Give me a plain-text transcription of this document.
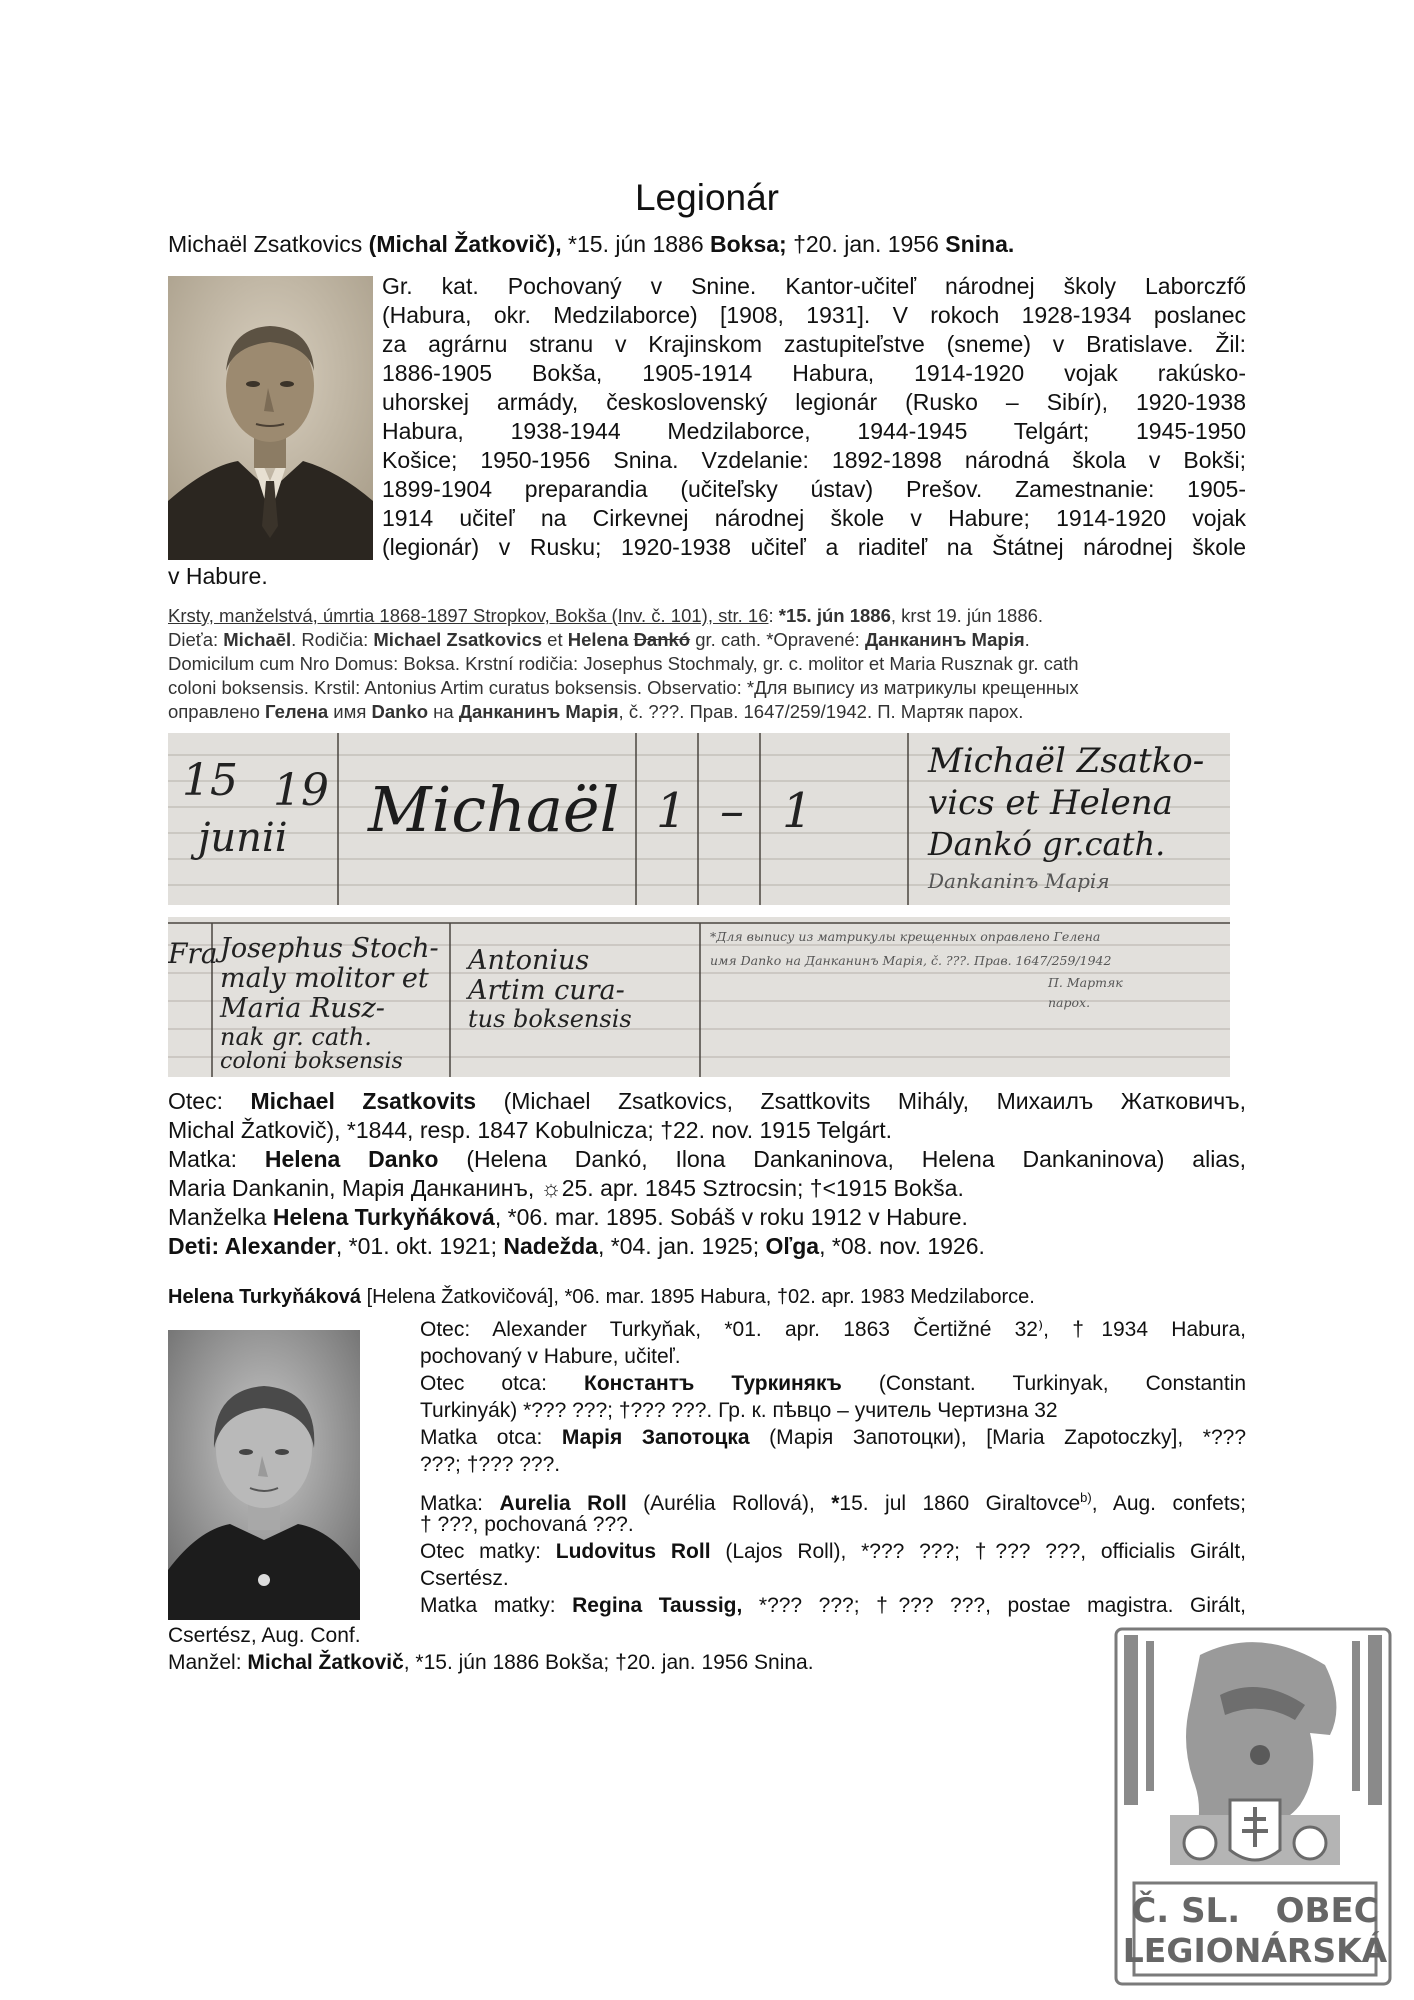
Legionár
Michaël Zsatkovics (Michal Žatkovič), *15. jún 1886 Boksa; †20. jan. 1956 Snina.
Gr. kat. Pochovaný v Snine. Kantor-učiteľ národnej školy Laborczfő
(Habura, okr. Medzilaborce) [1908, 1931]. V rokoch 1928-1934 poslanec
za agrárnu stranu v Krajinskom zastupiteľstve (sneme) v Bratislave. Žil:
1886-1905 Bokša, 1905-1914 Habura, 1914-1920 vojak rakúsko-
uhorskej armády, československý legionár (Rusko – Sibír), 1920-1938
Habura, 1938-1944 Medzilaborce, 1944-1945 Telgárt; 1945-1950
Košice; 1950-1956 Snina. Vzdelanie: 1892-1898 národná škola v Bokši;
1899-1904 preparandia (učiteľsky ústav) Prešov. Zamestnanie: 1905-
1914 učiteľ na Cirkevnej národnej škole v Habure; 1914-1920 vojak
(legionár) v Rusku; 1920-1938 učiteľ a riaditeľ na Štátnej národnej škole
v Habure.
Krsty, manželstvá, úmrtia 1868-1897 Stropkov, Bokša (Inv. č. 101), str. 16: *15. jún 1886, krst 19. jún 1886.
Dieťa: Michaēl. Rodičia: Michael Zsatkovics et Helena Dankó gr. cath. *Opravené: Данканинъ Марія.
Domicilum cum Nro Domus: Boksa. Krstní rodičia: Josephus Stochmaly, gr. c. molitor et Maria Rusznak gr. cath
coloni boksensis. Krstil: Antonius Artim curatus boksensis. Observatio: *Для выпису из матрикулы крещенных
оправлено Гелена имя Danko на Данканинъ Марія, č. ???. Прав. 1647/259/1942. П. Мартяк парох.
15
junii
19 Michaël 1 – 1
Michaël Zsatko-
vics et Helena
Dankó gr.cath.
Dankaninъ Марія
Fra Josephus Stoch-
maly molitor et
Maria Rusz-
nak gr. cath.
coloni boksensis
Antonius
Artim cura-
tus boksensis
*Для выпису из матрикулы крещенных оправлено Гелена
имя Danko на Данканинъ Марія, č. ???. Прав. 1647/259/1942
П. Мартяк
парох.
Otec: Michael Zsatkovits (Michael Zsatkovics, Zsattkovits Mihály, Михаилъ Жатковичъ,
Michal Žatkovič), *1844, resp. 1847 Kobulnicza; †22. nov. 1915 Telgárt.
Matka: Helena Danko (Helena Dankó, Ilona Dankaninova, Helena Dankaninova) alias,
Maria Dankanin, Марія Данканинъ, ☼25. apr. 1845 Sztrocsin; †<1915 Bokša.
Manželka Helena Turkyňáková, *06. mar. 1895. Sobáš v roku 1912 v Habure.
Deti: Alexander, *01. okt. 1921; Nadežda, *04. jan. 1925; Oľga, *08. nov. 1926.
Helena Turkyňáková [Helena Žatkovičová], *06. mar. 1895 Habura, †02. apr. 1983 Medzilaborce.
Otec: Alexander Turkyňak, *01. apr. 1863 Čertižné 32⁾, †1934 Habura,
pochovaný v Habure, učiteľ.
Otec otca: Константъ Туркинякъ (Constant. Turkinyak, Constantin
Turkinyák) *??? ???; †??? ???. Гр. к. пѣвцо – учитель Чертизна 32
Matka otca: Марія Запотоцка (Марія Запотоцки), [Maria Zapotoczky], *???
???; †??? ???.
Matka: Aurelia Roll (Aurélia Rollová), *15. jul 1860 Giraltovce$^{b)}$, Aug. confets;
† ???, pochovaná ???.
Otec matky: Ludovitus Roll (Lajos Roll), *??? ???; †??? ???, officialis Girált,
Csertész.
Matka matky: Regina Taussig, *??? ???; †??? ???, postae magistra. Girált,
Csertész, Aug. Conf.
Manžel: Michal Žatkovič, *15. jún 1886 Bokša; †20. jan. 1956 Snina.
Č. SL.   OBEC
LEGIONÁRSKÁ
